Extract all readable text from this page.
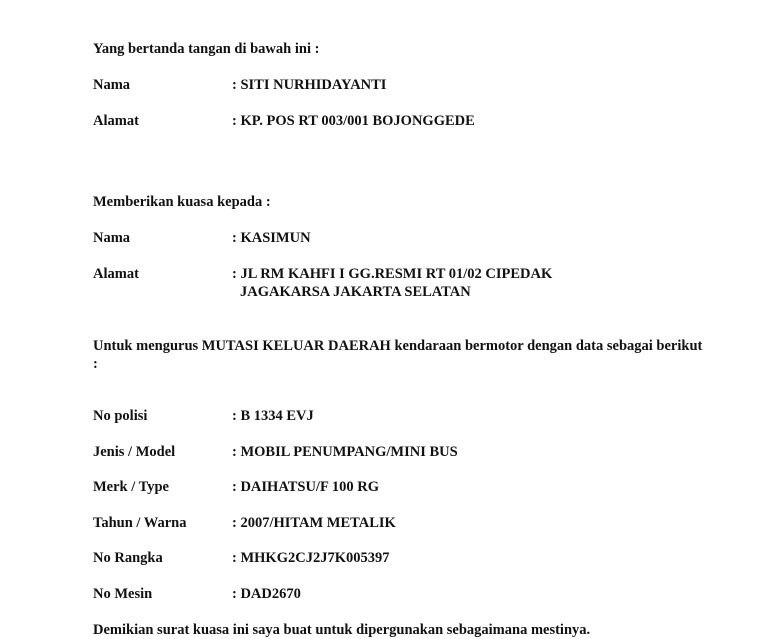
Yang bertanda tangan di bawah ini :
Nama	: SITI NURHIDAYANTI
Alamat	: KP. POS RT 003/001 BOJONGGEDE
Memberikan kuasa kepada :
Nama	: KASIMUN
Alamat	: JL RM KAHFI I GG.RESMI RT 01/02 CIPEDAK
JAGAKARSA JAKARTA SELATAN
Untuk mengurus MUTASI KELUAR DAERAH kendaraan bermotor dengan data sebagai berikut :
No polisi	: B 1334 EVJ
Jenis / Model	: MOBIL PENUMPANG/MINI BUS
Merk / Type	: DAIHATSU/F 100 RG
Tahun / Warna	: 2007/HITAM METALIK
No Rangka	: MHKG2CJ2J7K005397
No Mesin	: DAD2670
Demikian surat kuasa ini saya buat untuk dipergunakan sebagaimana mestinya.
